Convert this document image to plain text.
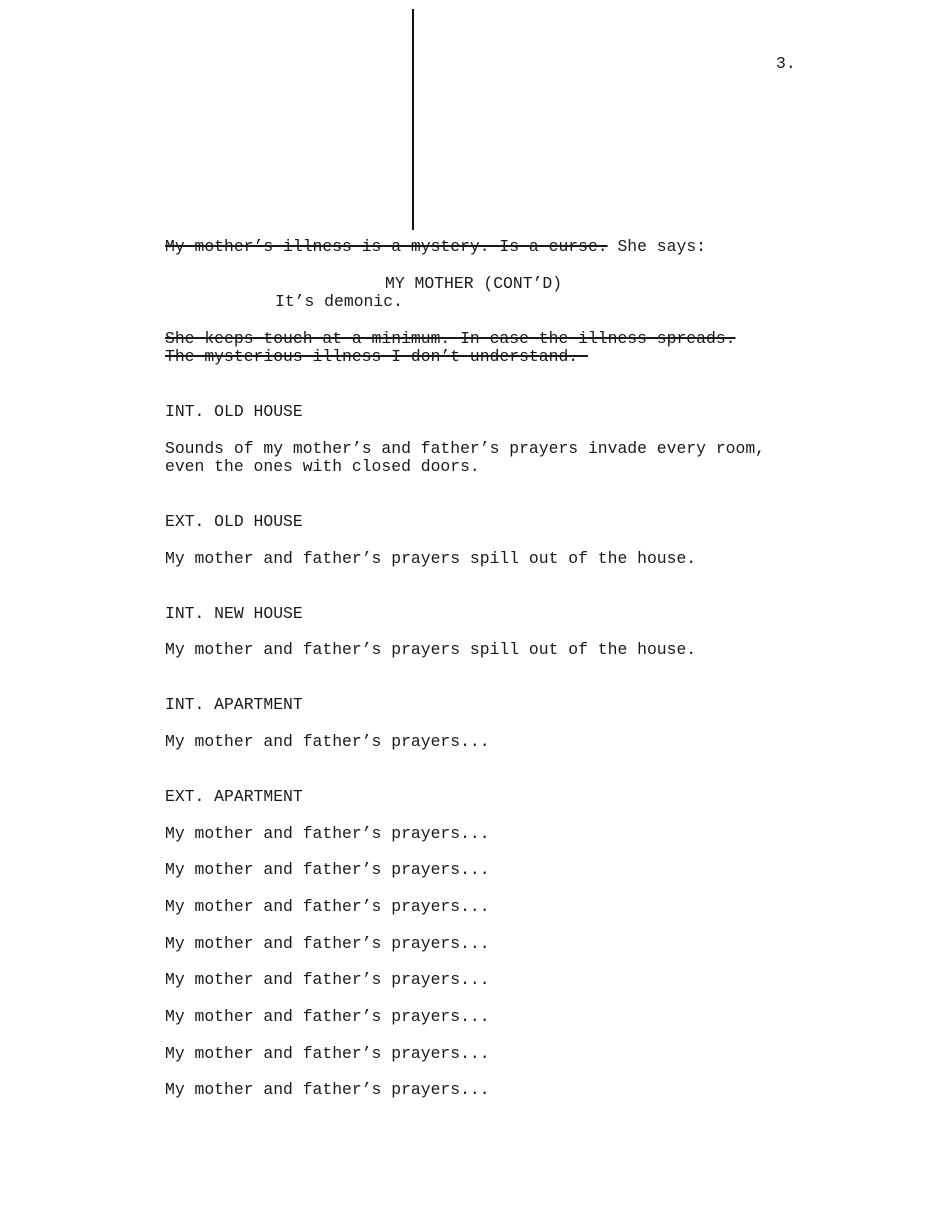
3.
My mother’s illness is a mystery. Is a curse. She says:
MY MOTHER (CONT’D)
It’s demonic.
She keeps touch at a minimum. In case the illness spreads.
The mysterious illness I don’t understand.
INT. OLD HOUSE
Sounds of my mother’s and father’s prayers invade every room,
even the ones with closed doors.
EXT. OLD HOUSE
My mother and father’s prayers spill out of the house.
INT. NEW HOUSE
My mother and father’s prayers spill out of the house.
INT. APARTMENT
My mother and father’s prayers...
EXT. APARTMENT
My mother and father’s prayers...
My mother and father’s prayers...
My mother and father’s prayers...
My mother and father’s prayers...
My mother and father’s prayers...
My mother and father’s prayers...
My mother and father’s prayers...
My mother and father’s prayers...
